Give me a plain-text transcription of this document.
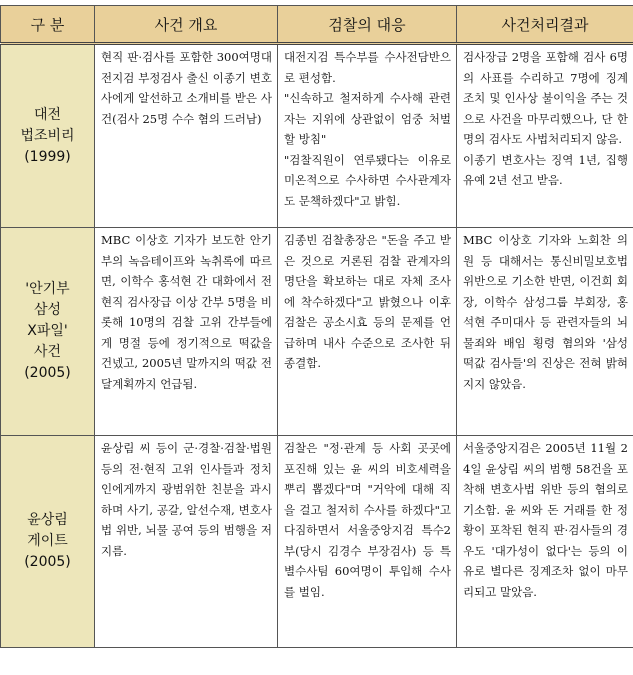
구 분	사건 개요	검찰의 대응	사건처리결과
대전
법조비리
(1999)	현직 판·검사를 포함한 300여명대전지검 부정검사 출신 이종기 변호사에게 알선하고 소개비를 받은 사건(검사 25명 수수 혐의 드러남)	대전지검 특수부를 수사전담반으로 편성함.
"신속하고 철저하게 수사해 관련자는 지위에 상관없이 엄중 처벌할 방침"
"검찰직원이 연루됐다는 이유로 미온적으로 수사하면 수사관계자도 문책하겠다"고 밝힘.	검사장급 2명을 포함해 검사 6명의 사표를 수리하고 7명에 징계조치 및 인사상 불이익을 주는 것으로 사건을 마무리했으나, 단 한 명의 검사도 사법처리되지 않음.
이종기 변호사는 징역 1년, 집행유예 2년 선고 받음.
'안기부
삼성
X파일'
사건
(2005)	MBC 이상호 기자가 보도한 안기부의 녹음테이프와 녹취록에 따르면, 이학수 홍석현 간 대화에서 전현직 검사장급 이상 간부 5명을 비롯해 10명의 검찰 고위 간부들에게 명절 등에 정기적으로 떡값을 건넸고, 2005년 말까지의 떡값 전달계획까지 언급됨.	김종빈 검찰총장은 "돈을 주고 받은 것으로 거론된 검찰 관계자의 명단을 확보하는 대로 자체 조사에 착수하겠다"고 밝혔으나 이후 검찰은 공소시효 등의 문제를 언급하며 내사 수준으로 조사한 뒤 종결함.	MBC 이상호 기자와 노회찬 의원 등 대해서는 통신비밀보호법 위반으로 기소한 반면, 이건희 회장, 이학수 삼성그룹 부회장, 홍석현 주미대사 등 관련자들의 뇌물죄와 배임 횡령 혐의와 '삼성 떡값 검사들'의 진상은 전혀 밝혀지지 않았음.
윤상림
게이트
(2005)	윤상림 씨 등이 군·경찰·검찰·법원 등의 전·현직 고위 인사들과 정치인에게까지 광범위한 친분을 과시하며 사기, 공갈, 알선수재, 변호사법 위반, 뇌물 공여 등의 범행을 저지름.	검찰은 "정·관계 등 사회 곳곳에 포진해 있는 윤 씨의 비호세력을 뿌리 뽑겠다"며 "거악에 대해 직을 걸고 철저히 수사를 하겠다"고 다짐하면서 서울중앙지검 특수2부(당시 김경수 부장검사) 등 특별수사팀 60여명이 투입해 수사를 벌임.	서울중앙지검은 2005년 11월 24일 윤상림 씨의 범행 58건을 포착해 변호사법 위반 등의 혐의로 기소함. 윤 씨와 돈 거래를 한 정황이 포착된 현직 판·검사들의 경우도 '대가성이 없다'는 등의 이유로 별다른 징계조차 없이 마무리되고 말았음.
